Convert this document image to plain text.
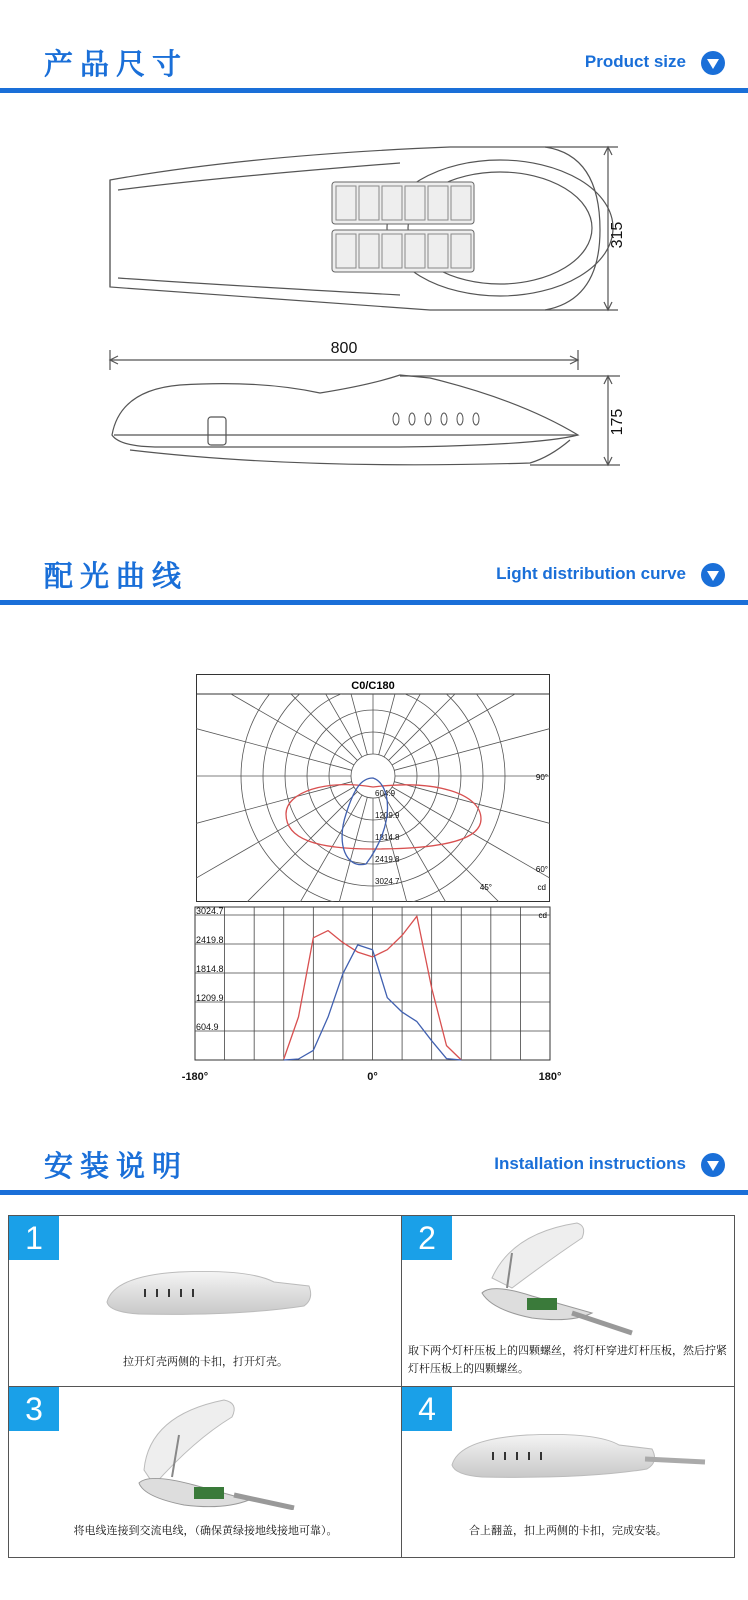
产品尺寸	Product size
315
800
175
配光曲线	Light distribution curve
C0/C180
604.9
1209.9
1814.8
2419.8
3024.7
90°
60°
45°	cd
3024.7
2419.8
1814.8
1209.9
604.9
-180°	0°	180°
cd
安装说明	Installation instructions
1
拉开灯壳两侧的卡扣，打开灯壳。
2
取下两个灯杆压板上的四颗螺丝，将灯杆穿进灯杆压板，然后拧紧灯杆压板上的四颗螺丝。
3
将电线连接到交流电线，（确保黄绿接地线接地可靠）。
4
合上翻盖，扣上两侧的卡扣，完成安装。
